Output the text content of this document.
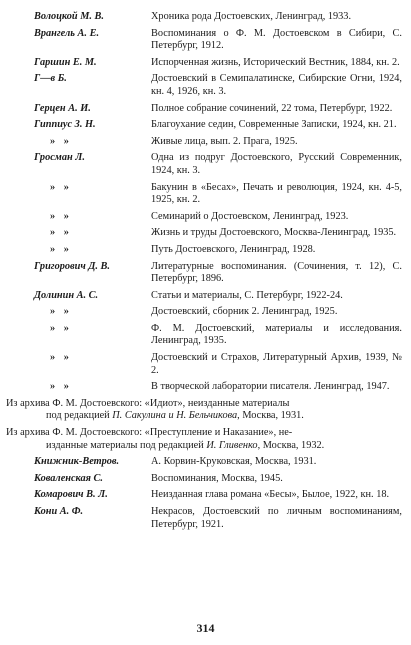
Волоцкой М. В.	Хроника рода Достоевских, Ленинград, 1933.
Врангель А. Е.	Воспоминания о Ф. М. Достоевском в Сибири, С. Петербург, 1912.
Гаршин Е. М.	Испорченная жизнь, Исторический Вестник, 1884, кн. 2.
Г—в Б.	Достоевский в Семипалатинске, Сибирские Огни, 1924, кн. 4, 1926, кн. 3.
Герцен А. И.	Полное собрание сочинений, 22 тома, Петербург, 1922.
Гиппиус З. Н.	Благоухание седин, Современные Записки, 1924, кн. 21.
» »	Живые лица, вып. 2. Прага, 1925.
Гросман Л.	Одна из подруг Достоевского, Русский Современник, 1924, кн. 3.
» »	Бакунин в «Бесах», Печать и революция, 1924, кн. 4-5, 1925, кн. 2.
» »	Семинарий о Достоевском, Ленинград, 1923.
» »	Жизнь и труды Достоевского, Москва-Ленинград, 1935.
» »	Путь Достоевского, Ленинград, 1928.
Григорович Д. В.	Литературные воспоминания. (Сочинения, т. 12), С. Петербург, 1896.
Долинин А. С.	Статьи и материалы, С. Петербург, 1922-24.
» »	Достоевский, сборник 2. Ленинград, 1925.
» »	Ф. М. Достоевский, материалы и исследования. Ленинград, 1935.
» »	Достоевский и Страхов, Литературный Архив, 1939, № 2.
» »	В творческой лаборатории писателя. Ленинград, 1947.
Из архива Ф. М. Достоевского: «Идиот», неизданные материалы
под редакцией П. Сакулина и Н. Бельчикова, Москва, 1931.
Из архива Ф. М. Достоевского: «Преступление и Наказание», не-
изданные материалы под редакцией И. Гливенко, Москва, 1932.
Книжник-Ветров.	А. Корвин-Круковская, Москва, 1931.
Коваленская С.	Воспоминания, Москва, 1945.
Комарович В. Л.	Неизданная глава романа «Бесы», Былое, 1922, кн. 18.
Кони А. Ф.	Некрасов, Достоевский по личным воспоминаниям, Петербург, 1921.
314
